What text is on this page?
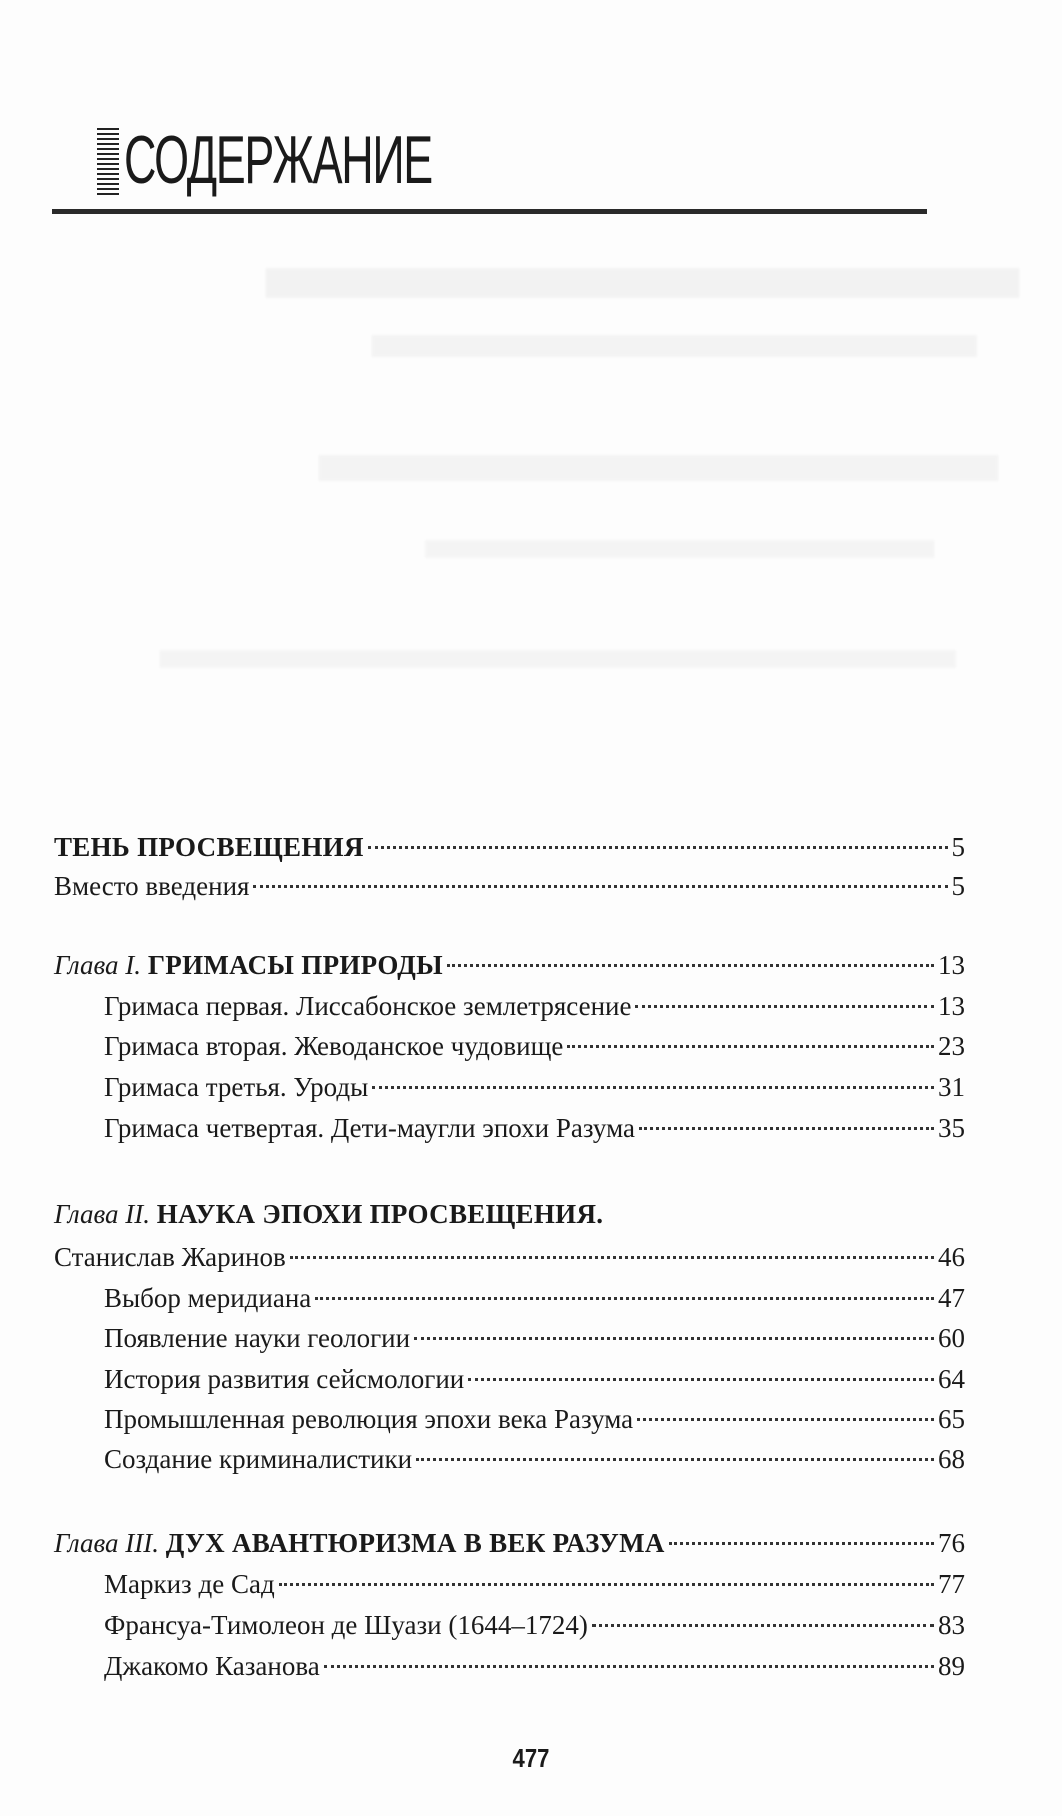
СОДЕРЖАНИЕ
ТЕНЬ ПРОСВЕЩЕНИЯ	5
Вместо введения	5
Глава I. ГРИМАСЫ ПРИРОДЫ	13
Гримаса первая. Лиссабонское землетрясение	13
Гримаса вторая. Жеводанское чудовище	23
Гримаса третья. Уроды	31
Гримаса четвертая. Дети-маугли эпохи Разума	35
Глава II. НАУКА ЭПОХИ ПРОСВЕЩЕНИЯ.
Станислав Жаринов	46
Выбор меридиана	47
Появление науки геологии	60
История развития сейсмологии	64
Промышленная революция эпохи века Разума	65
Создание криминалистики	68
Глава III. ДУХ АВАНТЮРИЗМА В ВЕК РАЗУМА	76
Маркиз де Сад	77
Франсуа-Тимолеон де Шуази (1644–1724)	83
Джакомо Казанова	89
477
